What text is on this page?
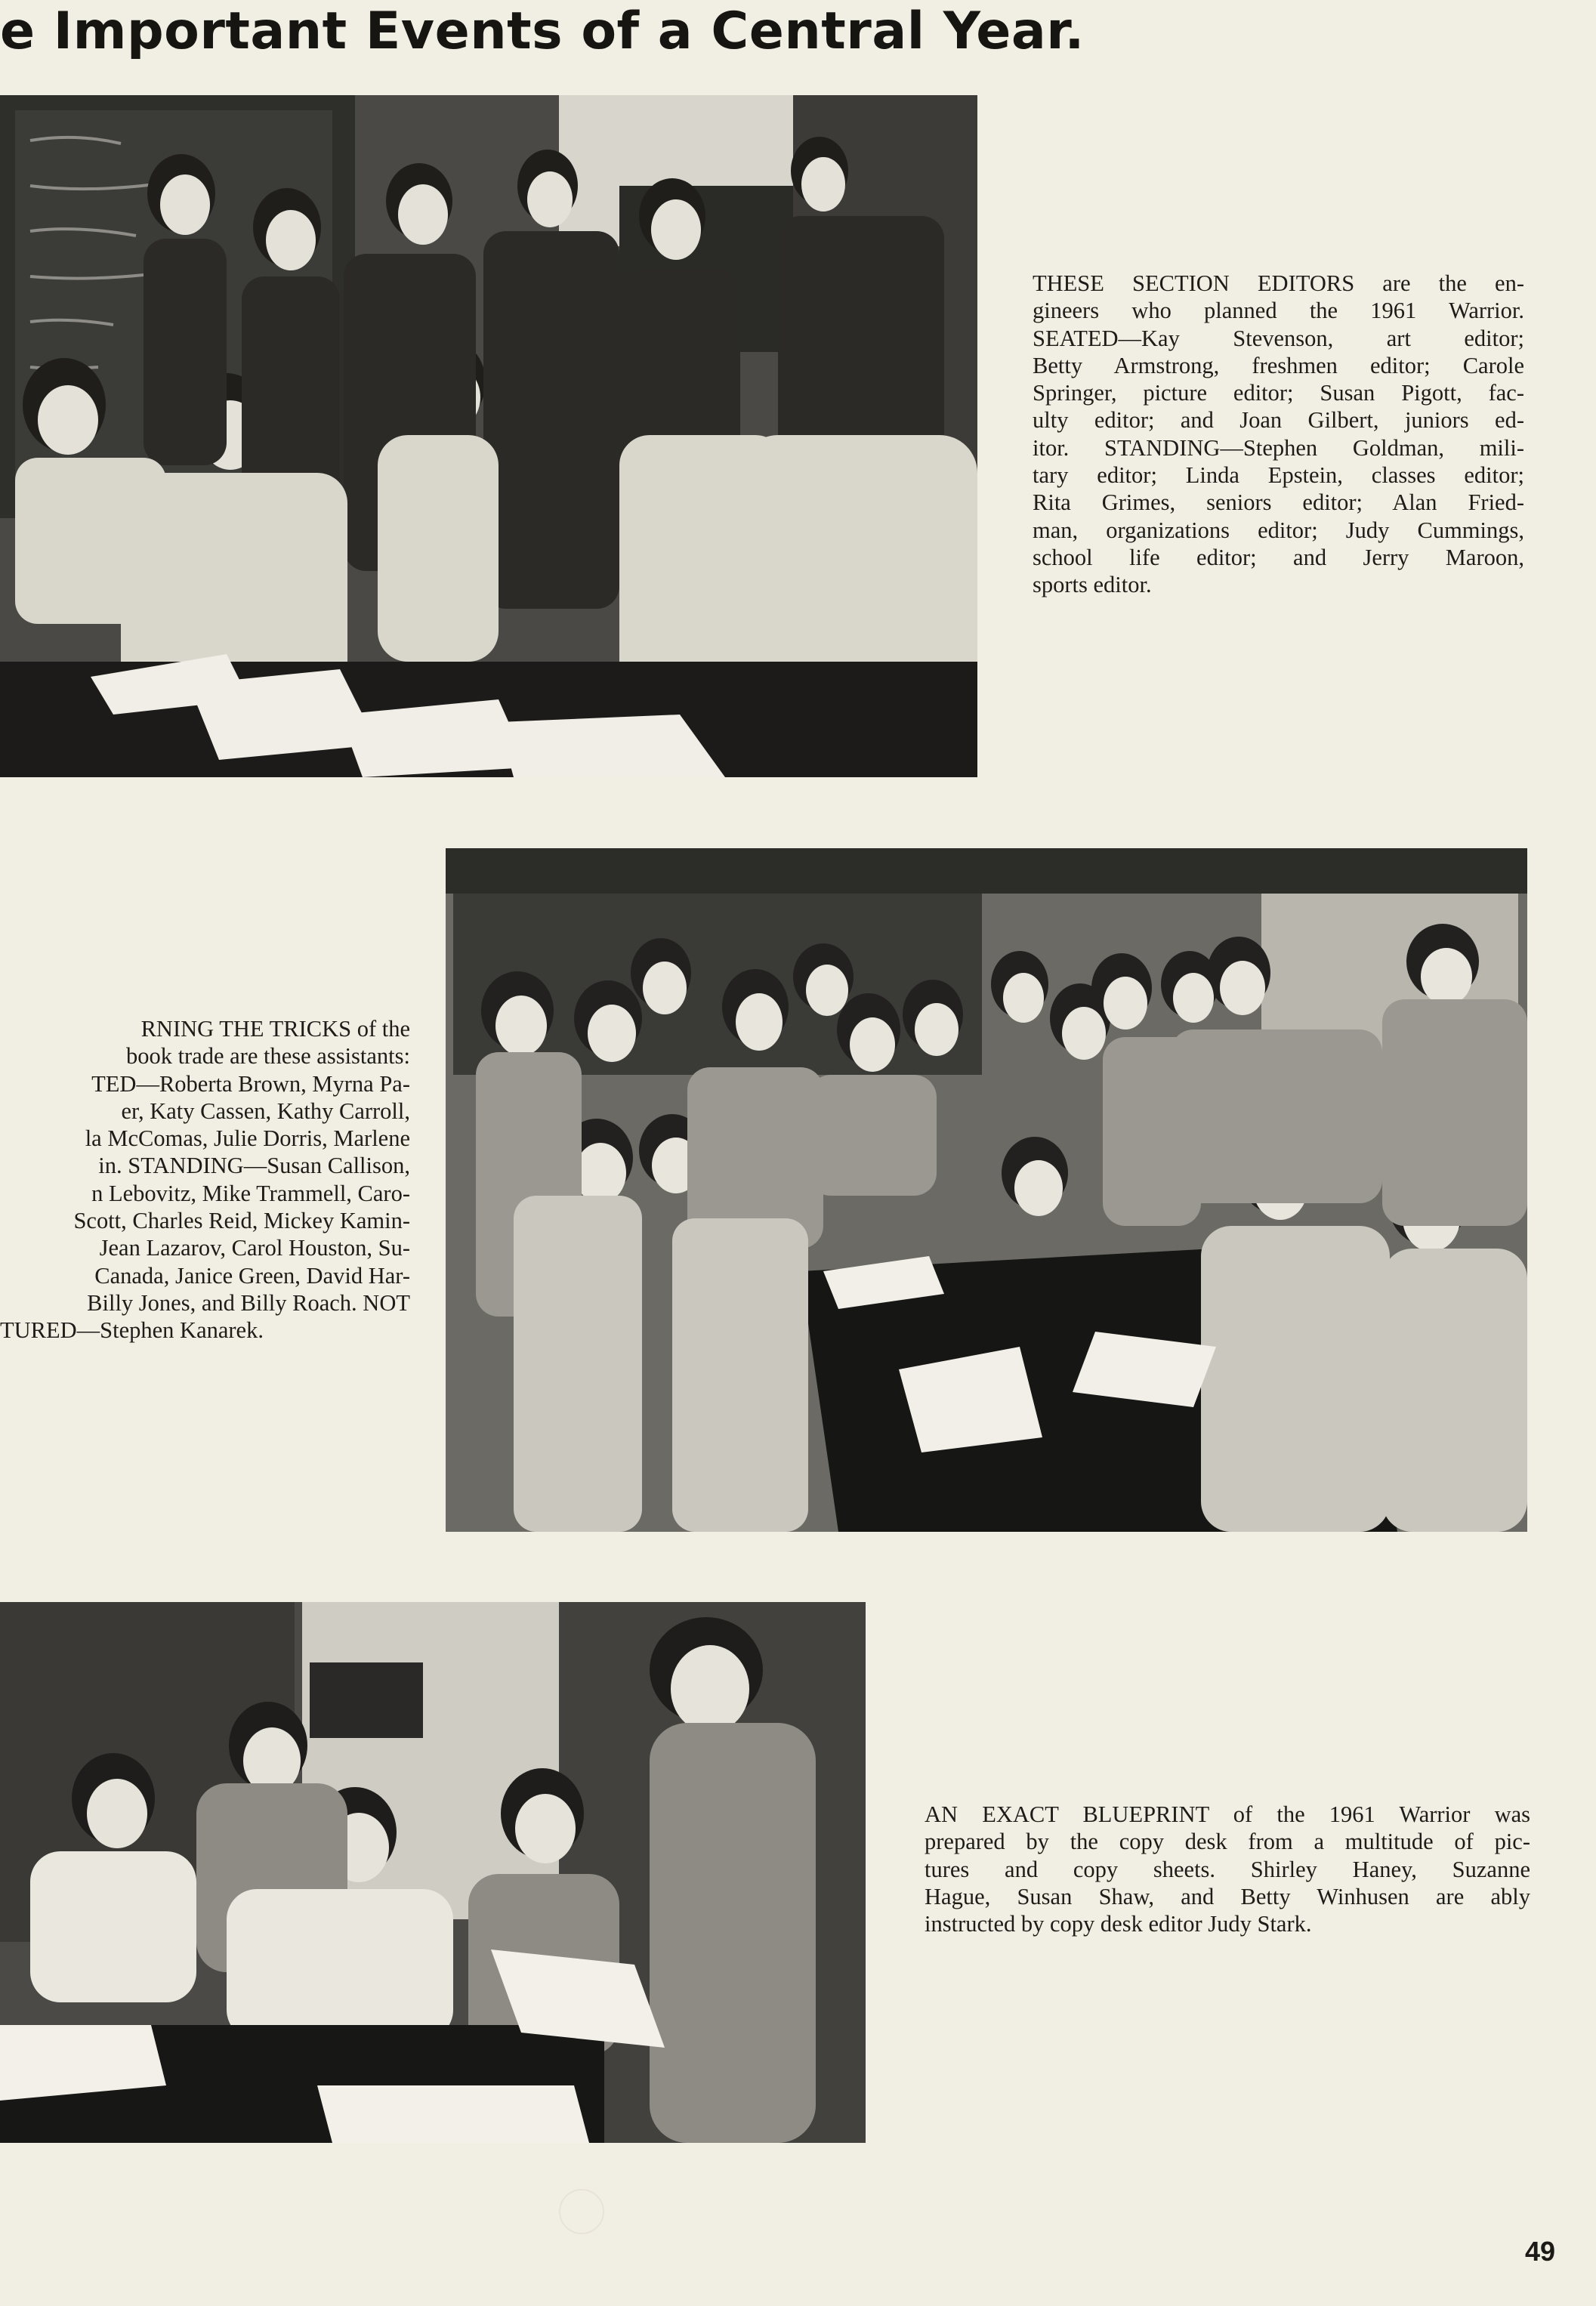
e Important Events of a Central Year.
THESE SECTION EDITORS are the en-
gineers who planned the 1961 Warrior.
SEATED—Kay Stevenson, art editor;
Betty Armstrong, freshmen editor; Carole
Springer, picture editor; Susan Pigott, fac-
ulty editor; and Joan Gilbert, juniors ed-
itor. STANDING—Stephen Goldman, mili-
tary editor; Linda Epstein, classes editor;
Rita Grimes, seniors editor; Alan Fried-
man, organizations editor; Judy Cummings,
school life editor; and Jerry Maroon,
sports editor.
RNING THE TRICKS of the
book trade are these assistants:
TED—Roberta Brown, Myrna Pa-
er, Katy Cassen, Kathy Carroll,
la McComas, Julie Dorris, Marlene
in. STANDING—Susan Callison,
n Lebovitz, Mike Trammell, Caro-
Scott, Charles Reid, Mickey Kamin-
Jean Lazarov, Carol Houston, Su-
Canada, Janice Green, David Har-
Billy Jones, and Billy Roach. NOT
TURED—Stephen Kanarek.
AN EXACT BLUEPRINT of the 1961 Warrior was
prepared by the copy desk from a multitude of pic-
tures and copy sheets. Shirley Haney, Suzanne
Hague, Susan Shaw, and Betty Winhusen are ably
instructed by copy desk editor Judy Stark.
49
